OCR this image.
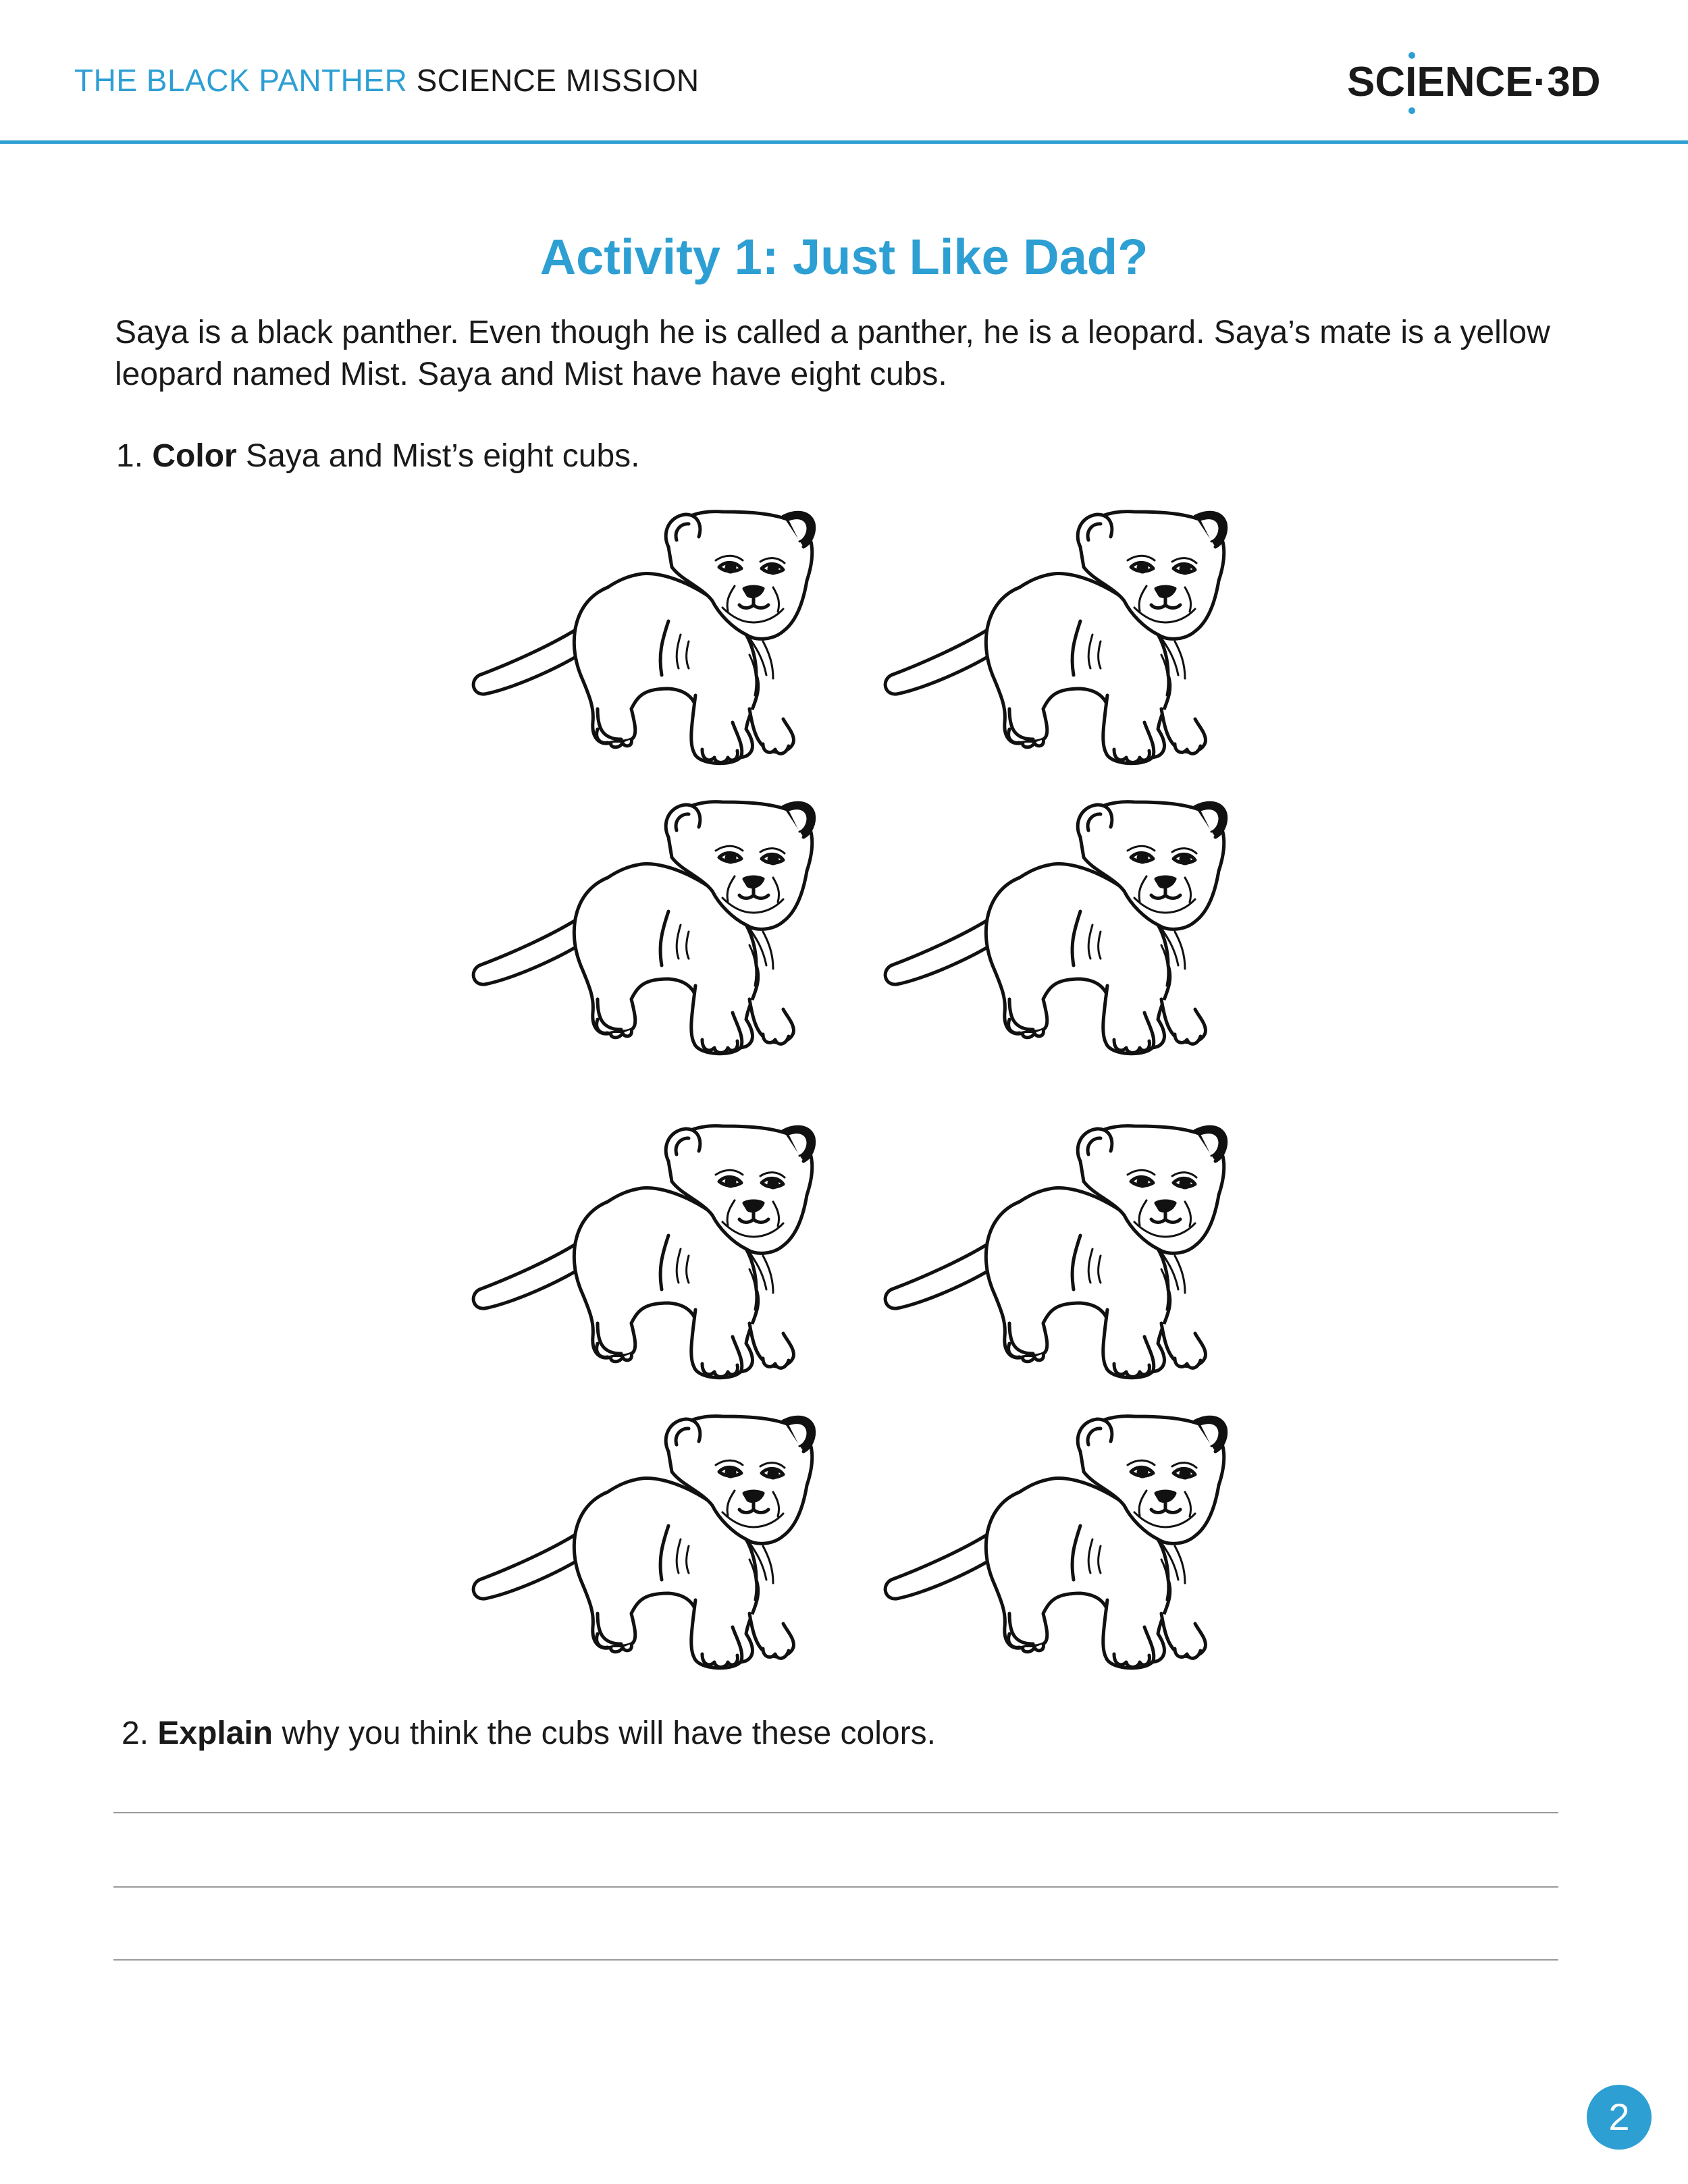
THE BLACK PANTHER SCIENCE MISSION	SCIENCE·3D
Activity 1: Just Like Dad?
Saya is a black panther. Even though he is called a panther, he is a leopard. Saya’s mate is a yellow
leopard named Mist. Saya and Mist have have eight cubs.
1. Color Saya and Mist’s eight cubs.
2. Explain why you think the cubs will have these colors.
2
